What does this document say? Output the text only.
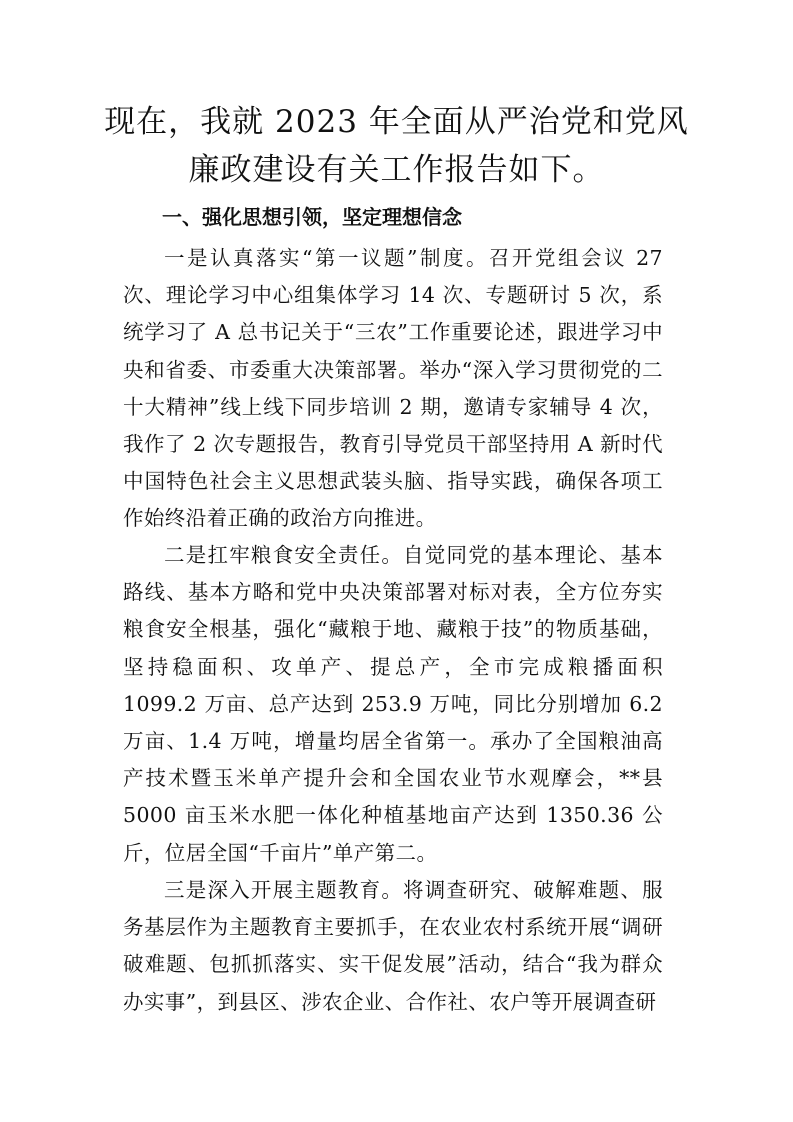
现在，我就 2023 年全面从严治党和党风
廉政建设有关工作报告如下。
一、强化思想引领，坚定理想信念

一是认真落实“第一议题”制度。召开党组会议 27 次、理论学习中心组集体学习 14 次、专题研讨 5 次，系统学习了 A 总书记关于“三农”工作重要论述，跟进学习中央和省委、市委重大决策部署。举办“深入学习贯彻党的二十大精神”线上线下同步培训 2 期，邀请专家辅导 4 次，我作了 2 次专题报告，教育引导党员干部坚持用 A 新时代中国特色社会主义思想武装头脑、指导实践，确保各项工作始终沿着正确的政治方向推进。

二是扛牢粮食安全责任。自觉同党的基本理论、基本路线、基本方略和党中央决策部署对标对表，全方位夯实粮食安全根基，强化“藏粮于地、藏粮于技”的物质基础，坚持稳面积、攻单产、提总产，全市完成粮播面积 1099.2 万亩、总产达到 253.9 万吨，同比分别增加 6.2 万亩、1.4 万吨，增量均居全省第一。承办了全国粮油高产技术暨玉米单产提升会和全国农业节水观摩会，**县 5000 亩玉米水肥一体化种植基地亩产达到 1350.36 公斤，位居全国“千亩片”单产第二。

三是深入开展主题教育。将调查研究、破解难题、服务基层作为主题教育主要抓手，在农业农村系统开展“调研破难题、包抓抓落实、实干促发展”活动，结合“我为群众办实事”，到县区、涉农企业、合作社、农户等开展调查研
